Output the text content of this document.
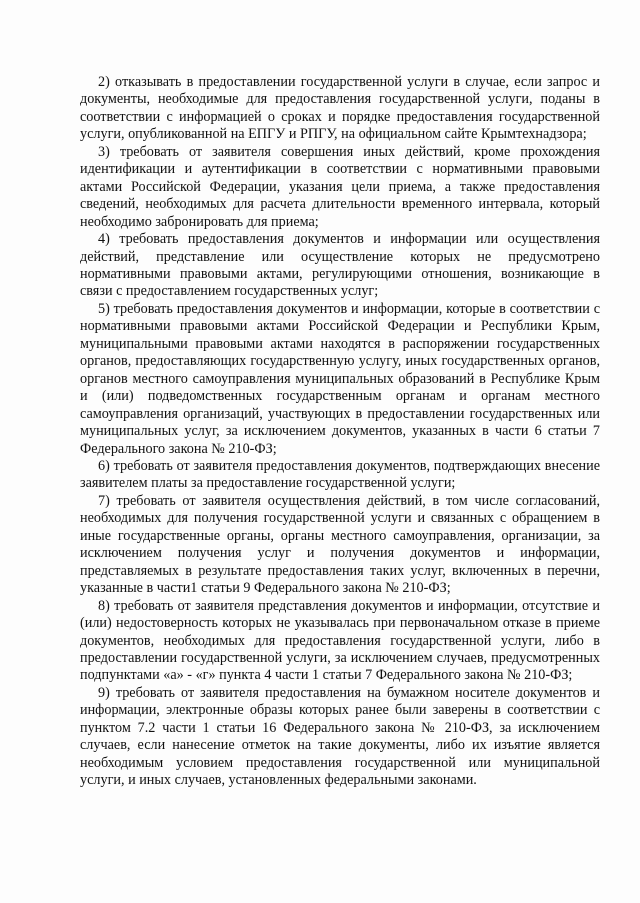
2) отказывать в предоставлении государственной услуги в случае, если запрос и документы, необходимые для предоставления государственной услуги, поданы в соответствии с информацией о сроках и порядке предоставления государственной услуги, опубликованной на ЕПГУ и РПГУ, на официальном сайте Крымтехнадзора;

3) требовать от заявителя совершения иных действий, кроме прохождения идентификации и аутентификации в соответствии с нормативными правовыми актами Российской Федерации, указания цели приема, а также предоставления сведений, необходимых для расчета длительности временного интервала, который необходимо забронировать для приема;

4) требовать предоставления документов и информации или осуществления действий, представление или осуществление которых не предусмотрено нормативными правовыми актами, регулирующими отношения, возникающие в связи с предоставлением государственных услуг;

5) требовать предоставления документов и информации, которые в соответствии с нормативными правовыми актами Российской Федерации и Республики Крым, муниципальными правовыми актами находятся в распоряжении государственных органов, предоставляющих государственную услугу, иных государственных органов, органов местного самоуправления муниципальных образований в Республике Крым и (или) подведомственных государственным органам и органам местного самоуправления организаций, участвующих в предоставлении государственных или муниципальных услуг, за исключением документов, указанных в части 6 статьи 7 Федерального закона № 210-ФЗ;

6) требовать от заявителя предоставления документов, подтверждающих внесение заявителем платы за предоставление государственной услуги;

7) требовать от заявителя осуществления действий, в том числе согласований, необходимых для получения государственной услуги и связанных с обращением в иные государственные органы, органы местного самоуправления, организации, за исключением получения услуг и получения документов и информации, представляемых в результате предоставления таких услуг, включенных в перечни, указанные в части1 статьи 9 Федерального закона № 210-ФЗ;

8) требовать от заявителя представления документов и информации, отсутствие и (или) недостоверность которых не указывалась при первоначальном отказе в приеме документов, необходимых для предоставления государственной услуги, либо в предоставлении государственной услуги, за исключением случаев, предусмотренных подпунктами «а» - «г» пункта 4 части 1 статьи 7 Федерального закона № 210-ФЗ;

9) требовать от заявителя предоставления на бумажном носителе документов и информации, электронные образы которых ранее были заверены в соответствии с пунктом 7.2 части 1 статьи 16 Федерального закона № 210-ФЗ, за исключением случаев, если нанесение отметок на такие документы, либо их изъятие является необходимым условием предоставления государственной или муниципальной услуги, и иных случаев, установленных федеральными законами.
